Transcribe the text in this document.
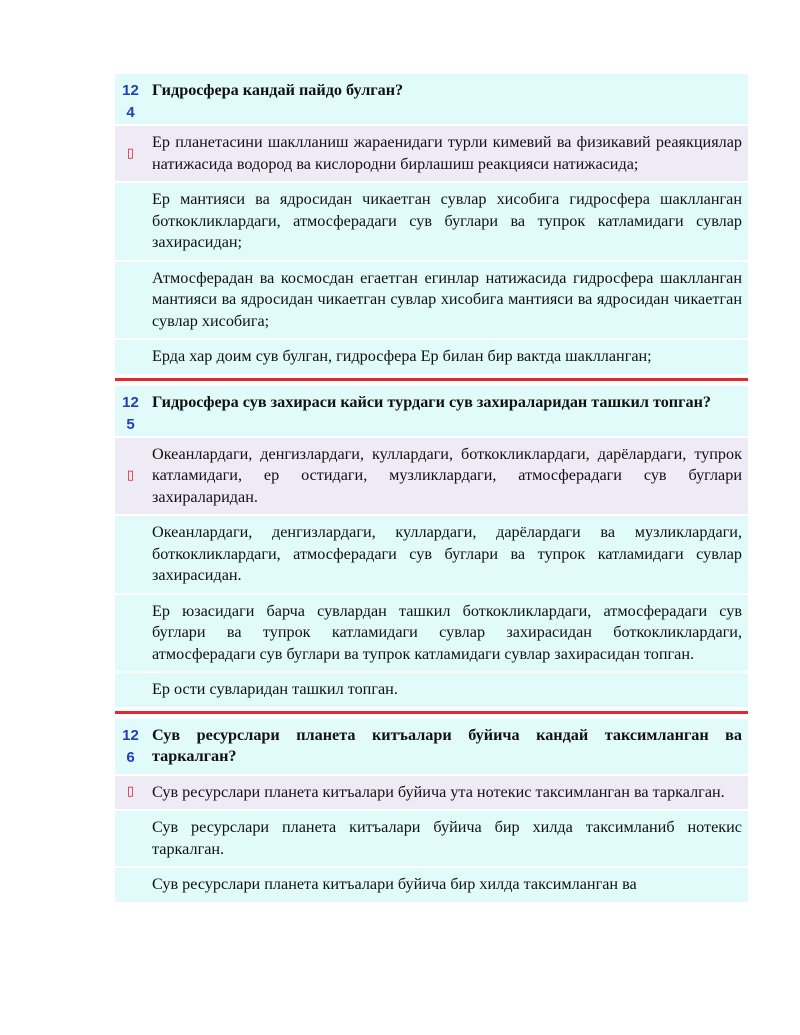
124
Гидросфера кандай пайдо булган?
▯
Ер планетасини шаклланиш жараенидаги турли кимевий ва физикавий реаякциялар натижасида водород ва кислородни бирлашиш реакцияси натижасида;
Ер мантияси ва ядросидан чикаетган сувлар хисобига гидросфера шаклланган боткокликлардаги, атмосферадаги сув буглари ва тупрок катламидаги сувлар захирасидан;
Атмосферадан ва космосдан егаетган егинлар натижасида гидросфера шаклланган мантияси ва ядросидан чикаетган сувлар хисобига мантияси ва ядросидан чикаетган сувлар хисобига;
Ерда хар доим сув булган, гидросфера Ер билан бир вактда шаклланган;
125
Гидросфера сув захираси кайси турдаги сув захираларидан ташкил топган?
▯
Океанлардаги, денгизлардаги, куллардаги, боткокликлардаги, дарёлардаги, тупрок катламидаги, ер остидаги, музликлардаги, атмосферадаги сув буглари захираларидан.
Океанлардаги, денгизлардаги, куллардаги, дарёлардаги ва музликлардаги, боткокликлардаги, атмосферадаги сув буглари ва тупрок катламидаги сувлар захирасидан.
Ер юзасидаги барча сувлардан ташкил боткокликлардаги, атмосферадаги сув буглари ва тупрок катламидаги сувлар захирасидан боткокликлардаги, атмосферадаги сув буглари ва тупрок катламидаги сувлар захирасидан топган.
Ер ости сувларидан ташкил топган.
126
Сув ресурслари планета китъалари буйича кандай таксимланган ва таркалган?
▯	Сув ресурслари планета китъалари буйича ута нотекис таксимланган ва таркалган.
Сув ресурслари планета китъалари буйича бир хилда таксимланиб нотекис таркалган.
Сув ресурслари планета китъалари буйича бир хилда таксимланган ва
